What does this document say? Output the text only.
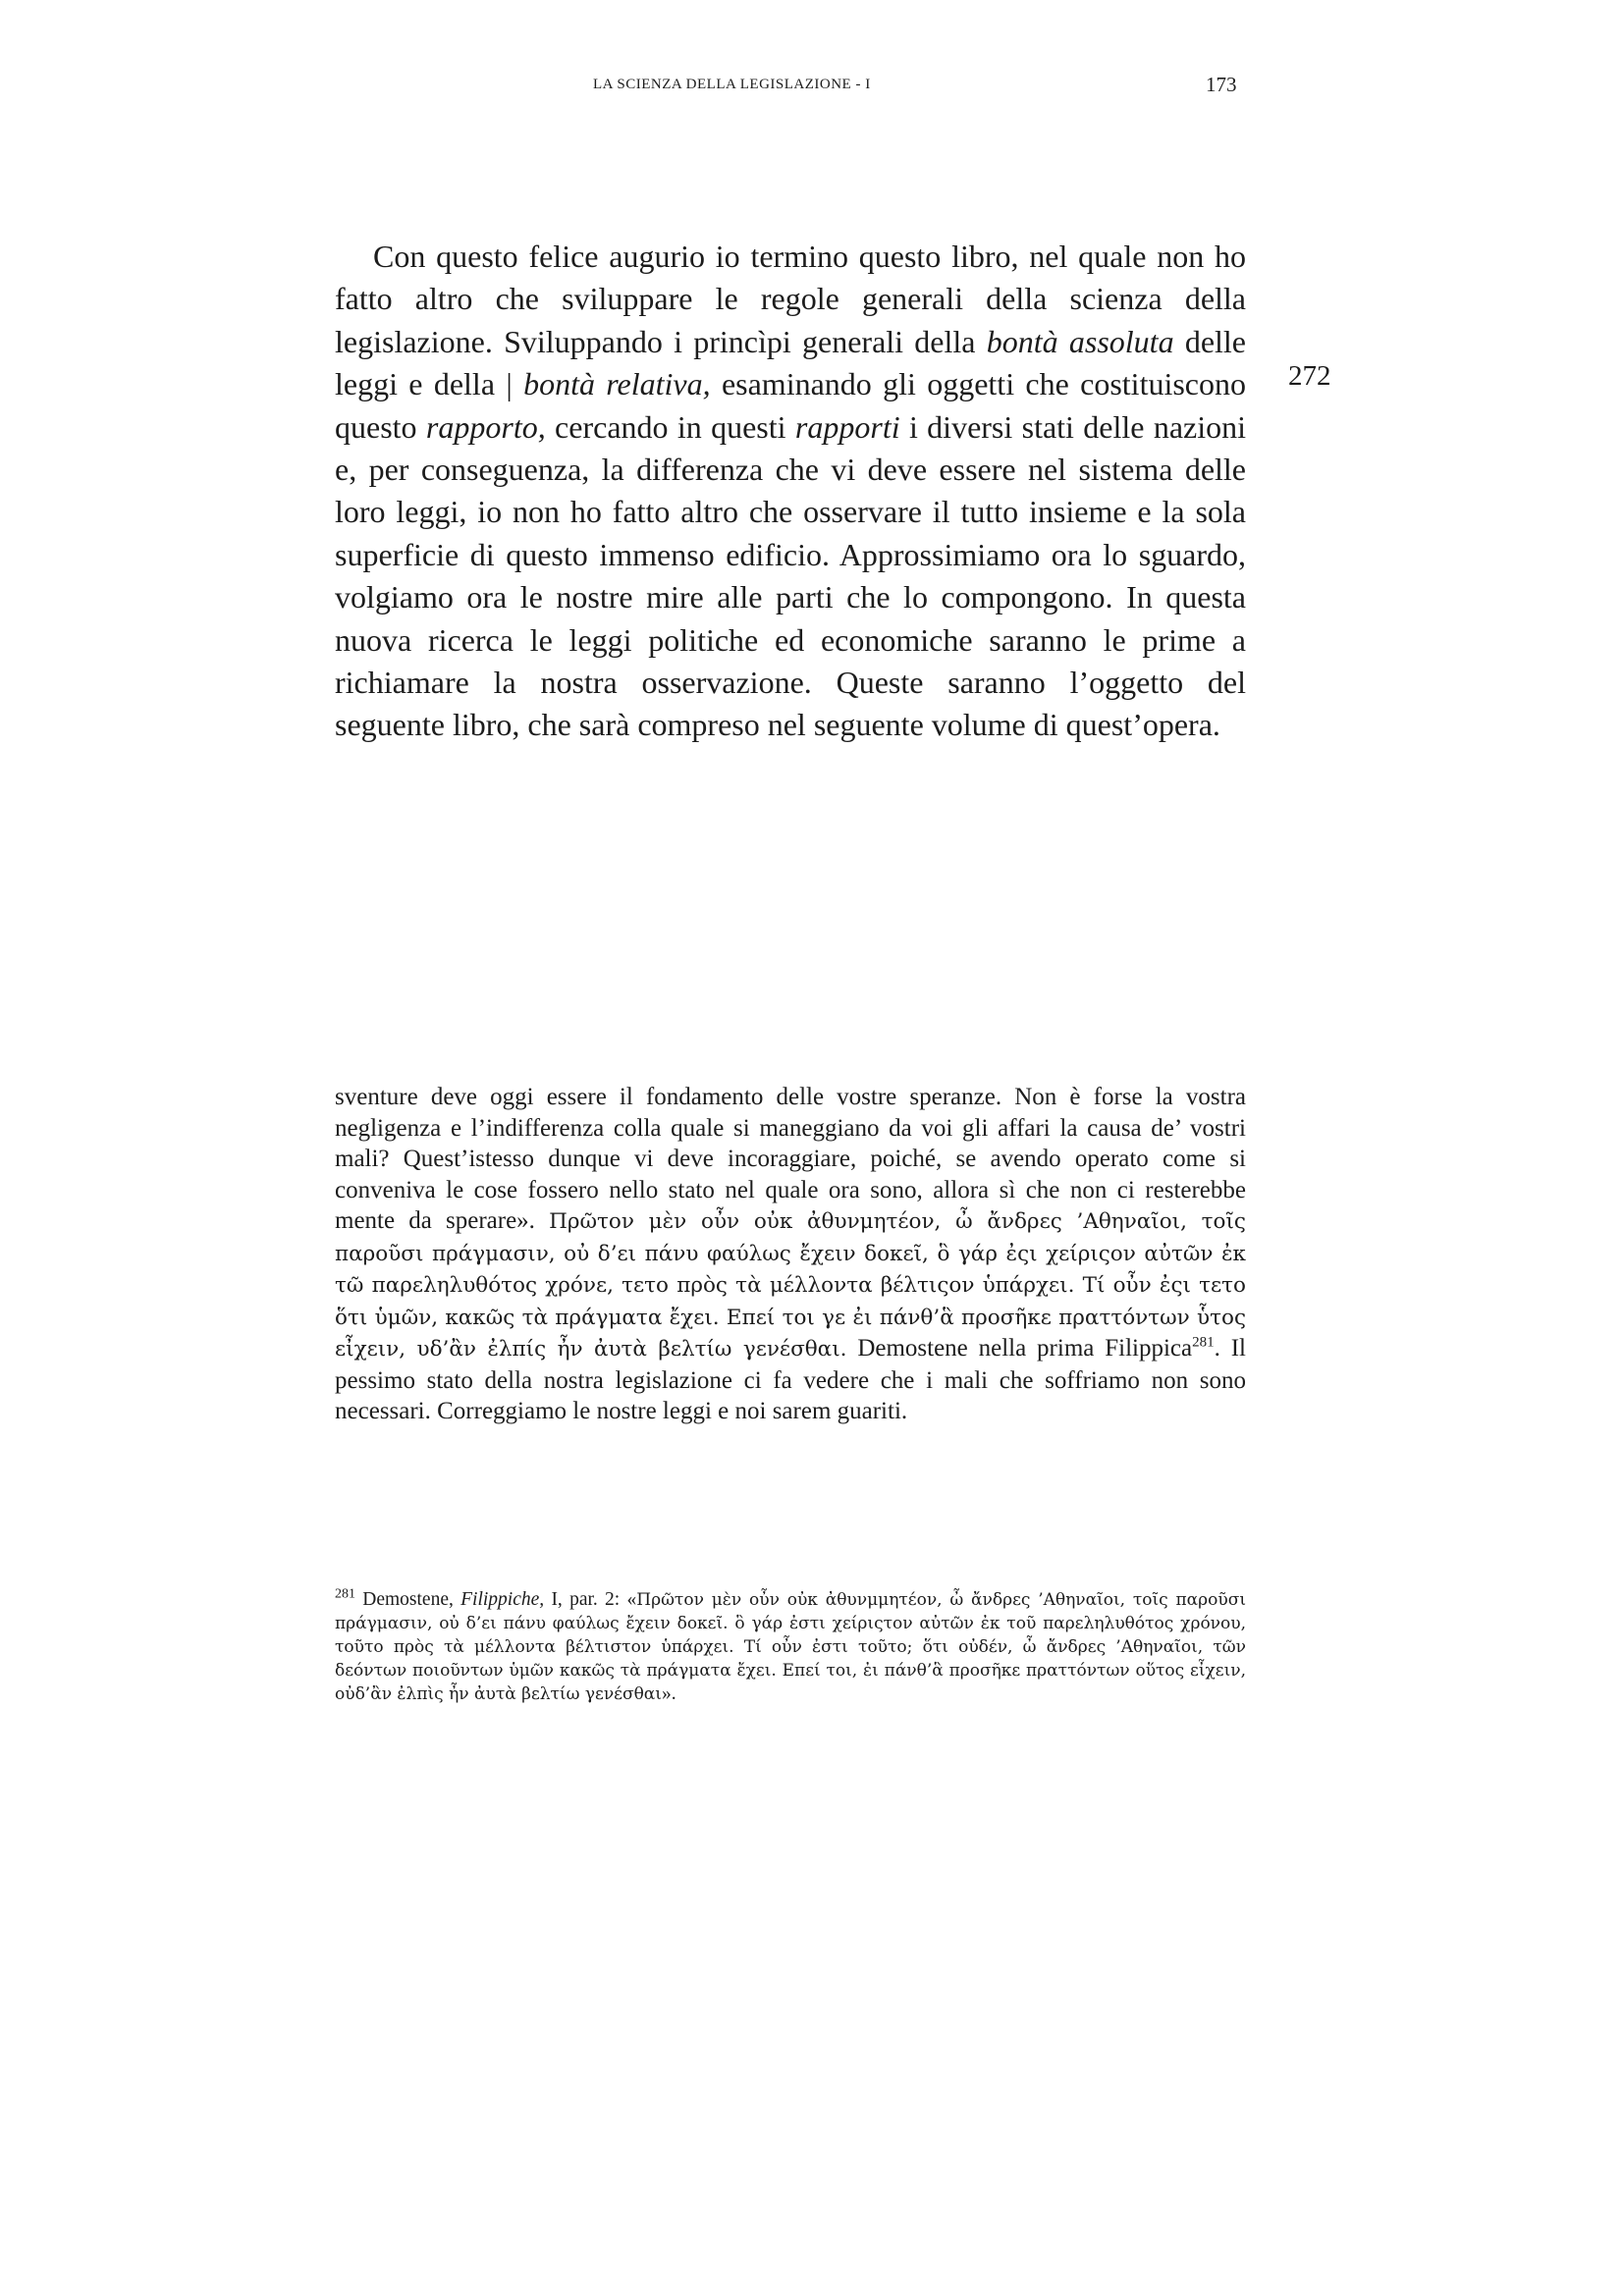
LA SCIENZA DELLA LEGISLAZIONE - I	173

Con questo felice augurio io termino questo libro, nel quale non ho fatto altro che sviluppare le regole generali della scienza della legislazione. Sviluppando i princìpi generali della bontà assoluta delle leggi e della | bontà relativa, esaminando gli oggetti che costituiscono questo rapporto, cercando in questi rapporti i diversi stati delle nazioni e, per conseguenza, la differenza che vi deve essere nel sistema delle loro leggi, io non ho fatto altro che osservare il tutto insieme e la sola superficie di questo immenso edificio. Approssimiamo ora lo sguardo, volgiamo ora le nostre mire alle parti che lo compongono. In questa nuova ricerca le leggi politiche ed economiche saranno le prime a richiamare la nostra osservazione. Queste saranno l’oggetto del seguente libro, che sarà compreso nel seguente volume di quest’opera.

272

sventure deve oggi essere il fondamento delle vostre speranze. Non è forse la vostra negligenza e l’indifferenza colla quale si maneggiano da voi gli affari la causa de’ vostri mali? Quest’istesso dunque vi deve incoraggiare, poiché, se avendo operato come si conveniva le cose fossero nello stato nel quale ora sono, allora sì che non ci resterebbe mente da sperare». Πρῶτον μὲν οὖν οὐκ ἀθυνμητέον, ὦ ἄνδρες ’Αθηναῖοι, τοῖς παροῦσι πράγμασιν, οὐ δ’ει πάνυ φαύλως ἔχειν δοκεῖ, ὃ γάρ ἐςι χείριςον αὐτῶν ἐκ τῶ παρεληλυθότος χρόνε, τετο πρὸς τὰ μέλλοντα βέλτιςον ὑπάρχει. Τί οὖν ἐςι τετο ὅτι ὑμῶν, κακῶς τὰ πράγματα ἔχει. Επεί τοι γε ἐι πάνθ’ἃ προσῆκε πραττόντων ὗτος εἶχειν, υδ’ἂν ἐλπίς ἦν ἀυτὰ βελτίω γενέσθαι. Demostene nella prima Filippica$^{281}$. Il pessimo stato della nostra legislazione ci fa vedere che i mali che soffriamo non sono necessari. Correggiamo le nostre leggi e noi sarem guariti.

$^{281}$ Demostene, Filippiche, I, par. 2: «Πρῶτον μὲν οὖν οὐκ ἀθυνμμητέον, ὦ ἄνδρες ’Αθηναῖοι, τοῖς παροῦσι πράγμασιν, οὐ δ’ει πάνυ φαύλως ἔχειν δοκεῖ. ὃ γάρ ἐστι χείριςτον αὐτῶν ἐκ τοῦ παρεληλυθότος χρόνου, τοῦτο πρὸς τὰ μέλλοντα βέλτιστον ὑπάρχει. Τί οὖν ἐστι τοῦτο; ὅτι οὐδέν, ὦ ἄνδρες ’Αθηναῖοι, τῶν δεόντων ποιοῦντων ὑμῶν κακῶς τὰ πράγματα ἔχει. Επεί τοι, ἐι πάνθ’ἃ προσῆκε πραττόντων οὕτος εἶχειν, οὐδ’ἂν ἐλπὶς ἦν ἀυτὰ βελτίω γενέσθαι».
